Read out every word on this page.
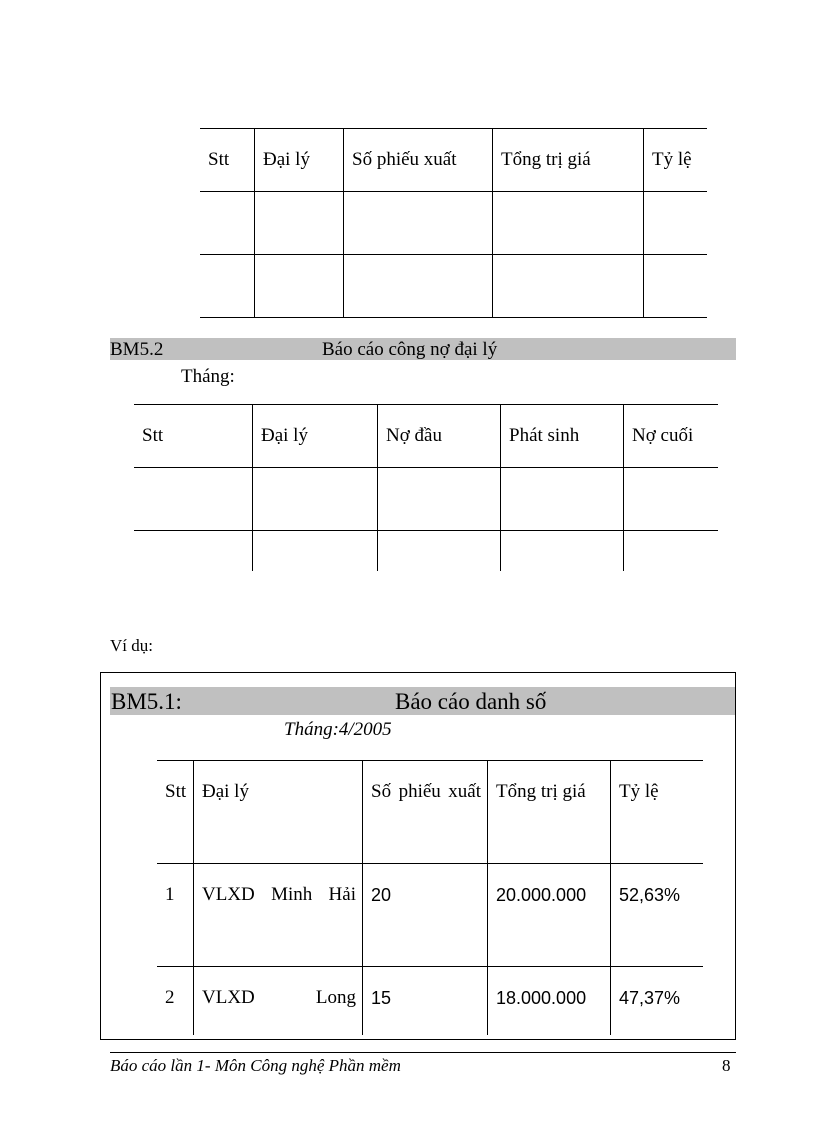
Stt	Đại lý	Số phiếu xuất	Tổng trị giá	Tỷ lệ

BM5.2	Báo cáo công nợ đại lý
Tháng:
Stt	Đại lý	Nợ đầu	Phát sinh	Nợ cuối

Ví dụ:
BM5.1:	Báo cáo danh số
Tháng:4/2005
Stt	Đại lý	Số phiếu xuất	Tổng trị giá	Tỷ lệ
1	VLXD Minh Hải	20	20.000.000	52,63%
2	VLXD Long	15	18.000.000	47,37%
Báo cáo lần 1- Môn Công nghệ Phần mềm	8
